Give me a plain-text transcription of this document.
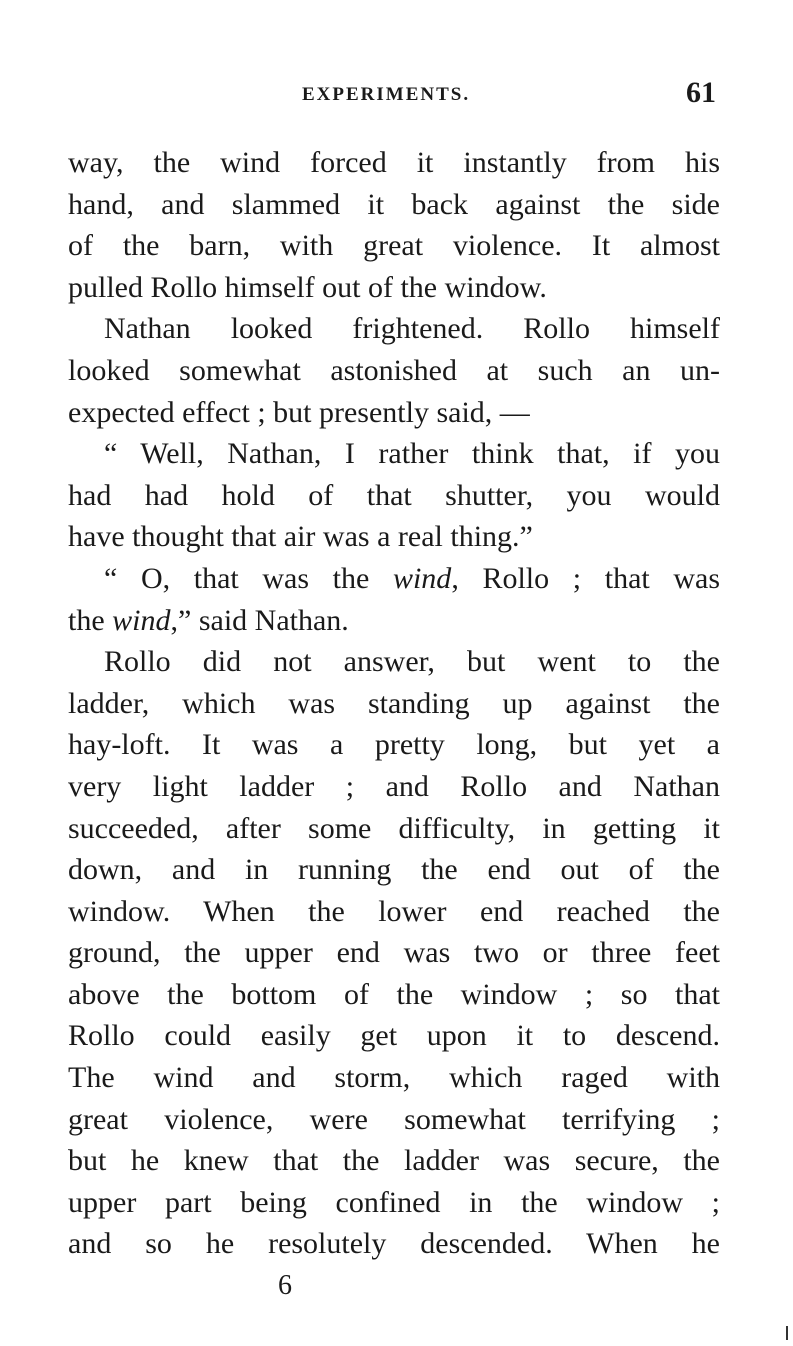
EXPERIMENTS.	61
way, the wind forced it instantly from his
hand, and slammed it back against the side
of the barn, with great violence. It almost
pulled Rollo himself out of the window.
Nathan looked frightened. Rollo himself
looked somewhat astonished at such an un-
expected effect ; but presently said, —
“ Well, Nathan, I rather think that, if you
had had hold of that shutter, you would
have thought that air was a real thing.”
“ O, that was the wind, Rollo ; that was
the wind,” said Nathan.
Rollo did not answer, but went to the
ladder, which was standing up against the
hay-loft. It was a pretty long, but yet a
very light ladder ; and Rollo and Nathan
succeeded, after some difficulty, in getting it
down, and in running the end out of the
window. When the lower end reached the
ground, the upper end was two or three feet
above the bottom of the window ; so that
Rollo could easily get upon it to descend.
The wind and storm, which raged with
great violence, were somewhat terrifying ;
but he knew that the ladder was secure, the
upper part being confined in the window ;
and so he resolutely descended. When he
6
